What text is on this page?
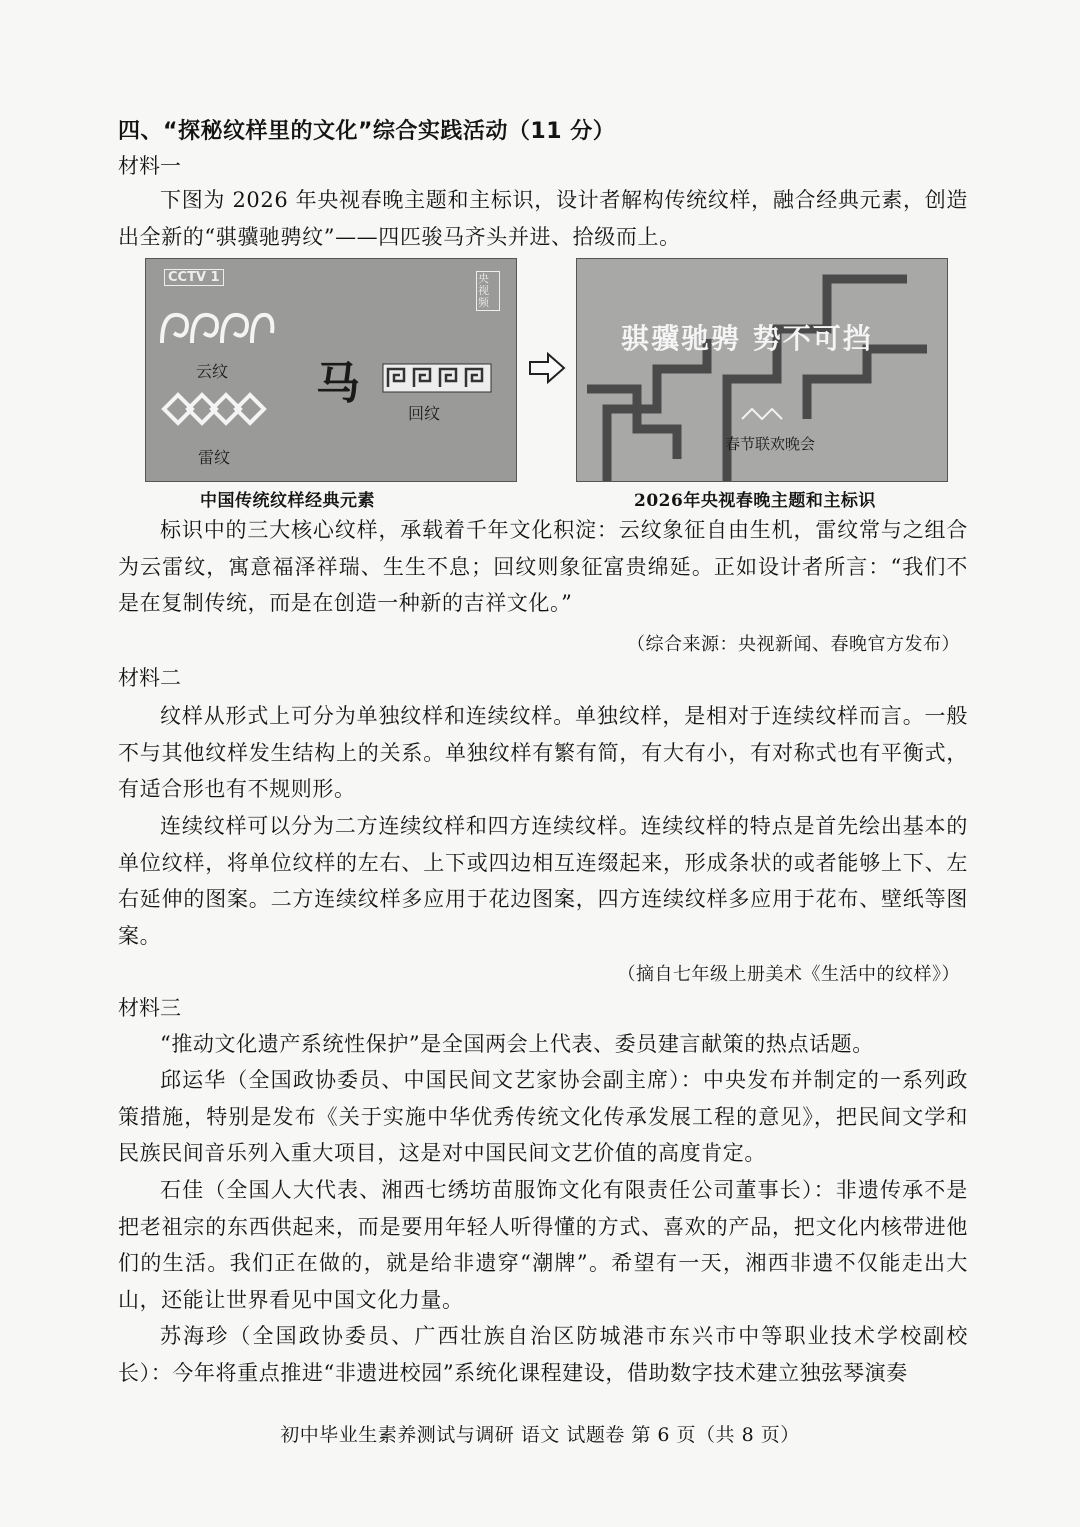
四、“探秘纹样里的文化”综合实践活动（11 分）
材料一
下图为 2026 年央视春晚主题和主标识，设计者解构传统纹样，融合经典元素，创造出全新的“骐骥驰骋纹”——四匹骏马齐头并进、拾级而上。
CCTV 1	央视频
云纹
雷纹
马
回纹
中国传统纹样经典元素
骐骥驰骋 势不可挡
春节联欢晚会
2026年央视春晚主题和主标识
标识中的三大核心纹样，承载着千年文化积淀：云纹象征自由生机，雷纹常与之组合为云雷纹，寓意福泽祥瑞、生生不息；回纹则象征富贵绵延。正如设计者所言：“我们不是在复制传统，而是在创造一种新的吉祥文化。”
（综合来源：央视新闻、春晚官方发布）
材料二
纹样从形式上可分为单独纹样和连续纹样。单独纹样，是相对于连续纹样而言。一般不与其他纹样发生结构上的关系。单独纹样有繁有简，有大有小，有对称式也有平衡式，有适合形也有不规则形。
连续纹样可以分为二方连续纹样和四方连续纹样。连续纹样的特点是首先绘出基本的单位纹样，将单位纹样的左右、上下或四边相互连缀起来，形成条状的或者能够上下、左右延伸的图案。二方连续纹样多应用于花边图案，四方连续纹样多应用于花布、壁纸等图案。
（摘自七年级上册美术《生活中的纹样》）
材料三
“推动文化遗产系统性保护”是全国两会上代表、委员建言献策的热点话题。
邱运华（全国政协委员、中国民间文艺家协会副主席）：中央发布并制定的一系列政策措施，特别是发布《关于实施中华优秀传统文化传承发展工程的意见》，把民间文学和民族民间音乐列入重大项目，这是对中国民间文艺价值的高度肯定。
石佳（全国人大代表、湘西七绣坊苗服饰文化有限责任公司董事长）：非遗传承不是把老祖宗的东西供起来，而是要用年轻人听得懂的方式、喜欢的产品，把文化内核带进他们的生活。我们正在做的，就是给非遗穿“潮牌”。希望有一天，湘西非遗不仅能走出大山，还能让世界看见中国文化力量。
苏海珍（全国政协委员、广西壮族自治区防城港市东兴市中等职业技术学校副校长）：今年将重点推进“非遗进校园”系统化课程建设，借助数字技术建立独弦琴演奏
初中毕业生素养测试与调研 语文 试题卷 第 6 页（共 8 页）
